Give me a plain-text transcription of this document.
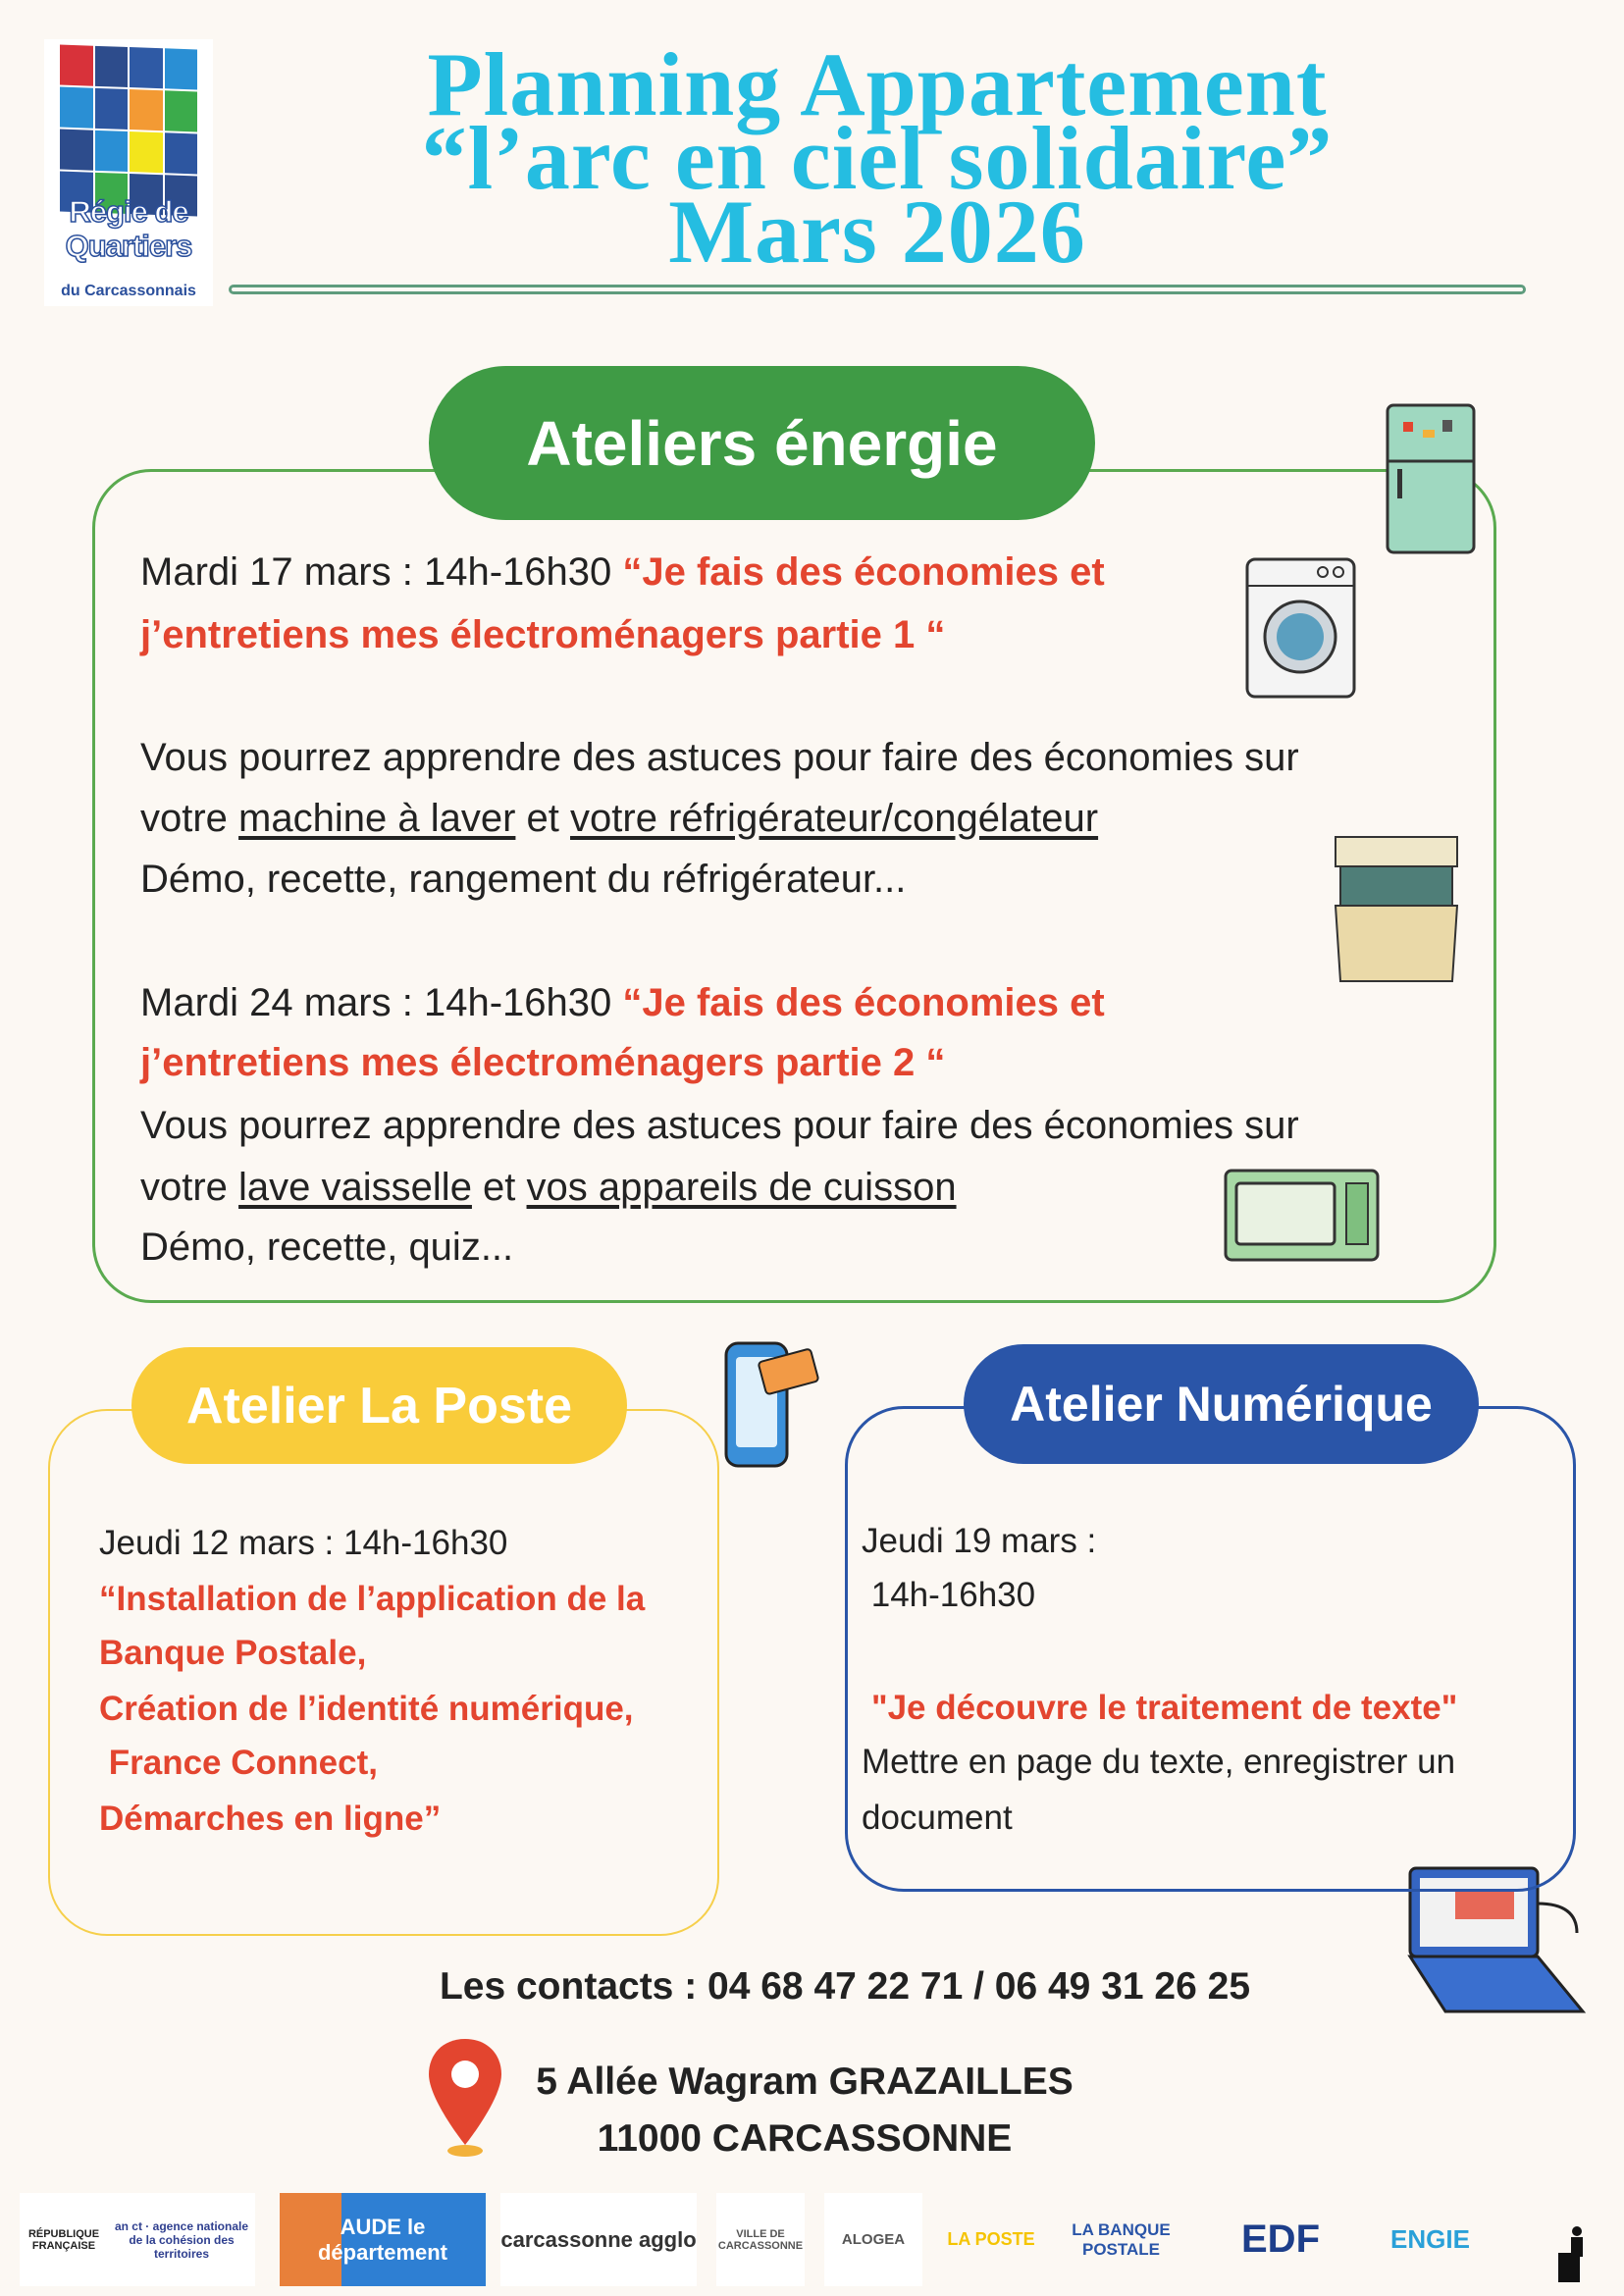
Régie de
Quartiers
du Carcassonnais
Planning Appartement
“l’arc en ciel solidaire”
Mars 2026
Mardi 17 mars : 14h-16h30 “Je fais des économies et
j’entretiens mes électroménagers partie 1 “
Vous pourrez apprendre des astuces pour faire des économies sur
votre machine à laver et votre réfrigérateur/congélateur
Démo, recette, rangement du réfrigérateur...
Mardi 24 mars : 14h-16h30 “Je fais des économies et
j’entretiens mes électroménagers partie 2 “
Vous pourrez apprendre des astuces pour faire des économies sur
votre lave vaisselle et vos appareils de cuisson
Démo, recette, quiz...
Ateliers énergie
Jeudi 12 mars : 14h-16h30
“Installation de l’application de la
Banque Postale,
Création de l’identité numérique,
France Connect,
Démarches en ligne”
Atelier La Poste
Jeudi 19 mars :
14h-16h30
"Je découvre le traitement de texte"
Mettre en page du texte, enregistrer un
document
Atelier Numérique
Les contacts : 04 68 47 22 71 / 06 49 31 26 25
5 Allée Wagram GRAZAILLES
11000 CARCASSONNE
RÉPUBLIQUE FRANÇAISE
an ct · agence nationale de la cohésion des territoires
AUDE le département
carcassonne agglo	VILLE DE CARCASSONNE	ALOGEA	LA POSTE	LA BANQUE POSTALE	EDF	ENGIE
